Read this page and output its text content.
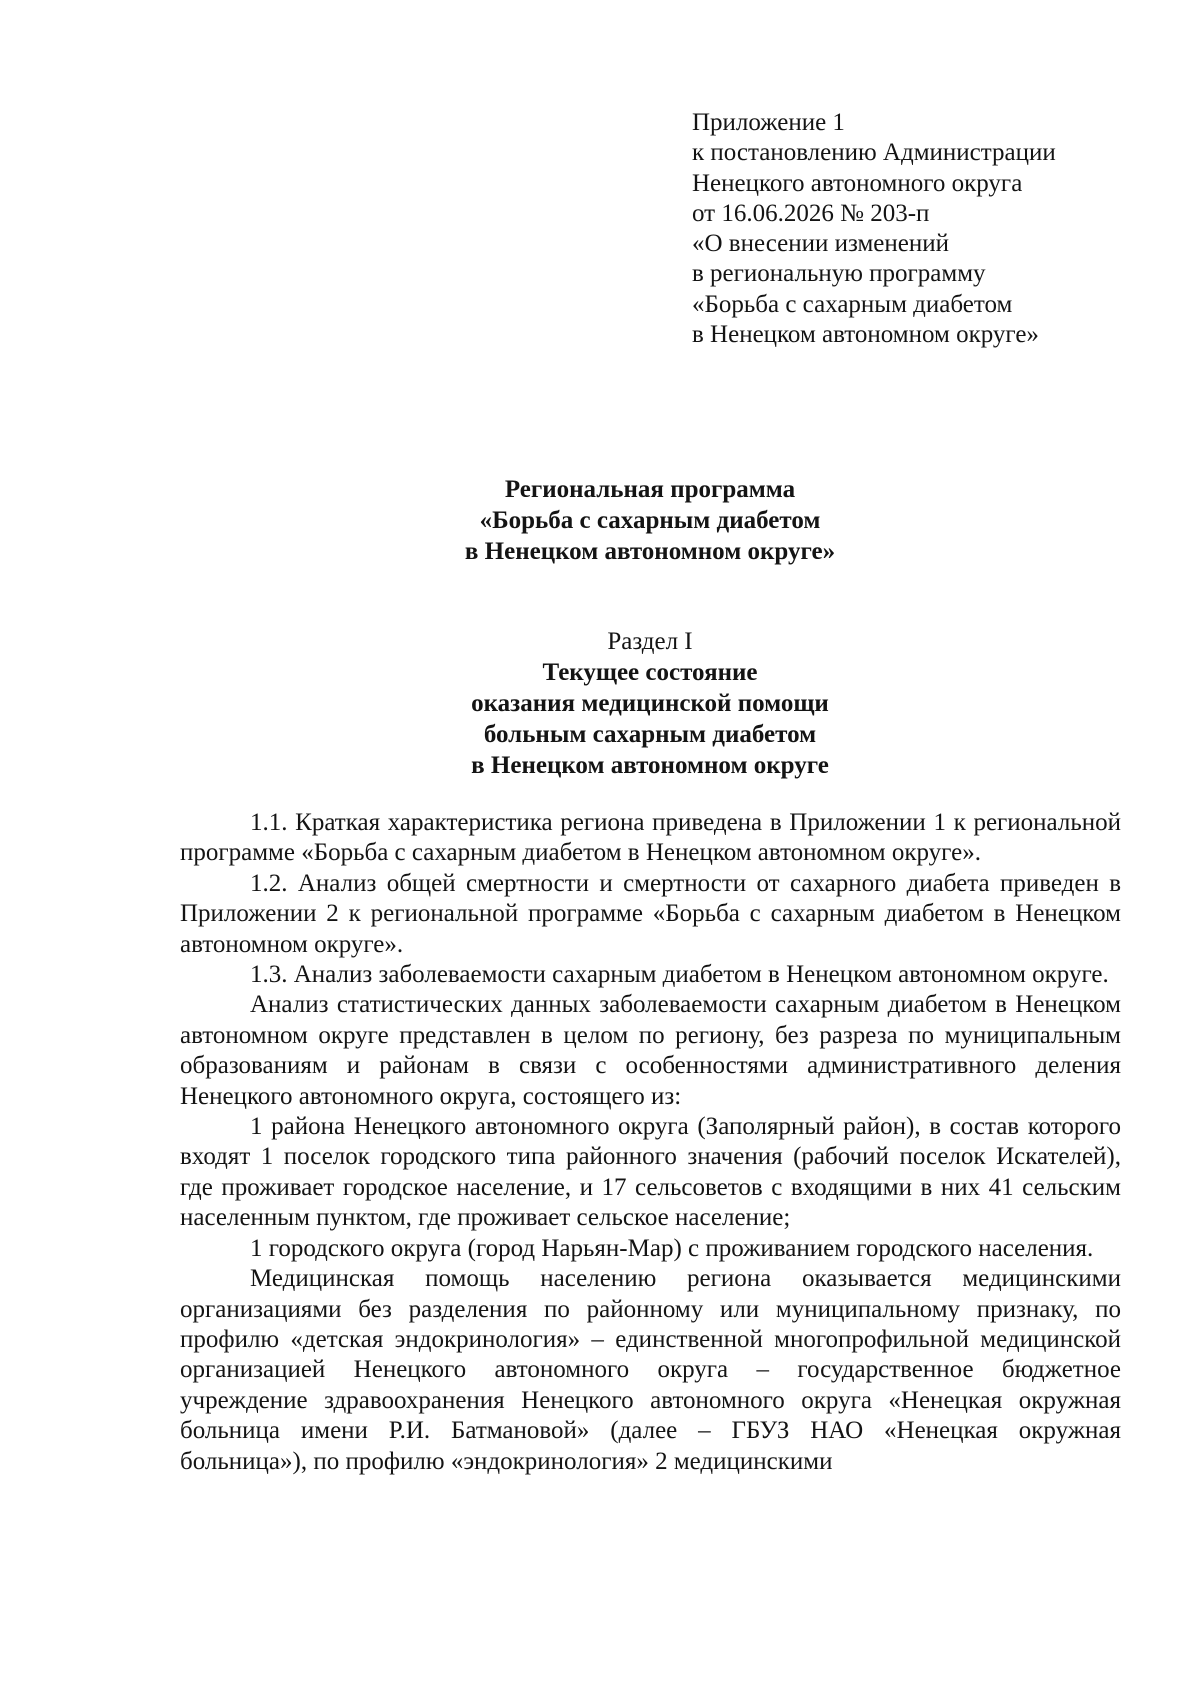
Приложение 1
к постановлению Администрации
Ненецкого автономного округа
от 16.06.2026 № 203-п
«О внесении изменений
в региональную программу
«Борьба с сахарным диабетом
в Ненецком автономном округе»
Региональная программа
«Борьба с сахарным диабетом
в Ненецком автономном округе»
Раздел I
Текущее состояние
оказания медицинской помощи
больным сахарным диабетом
в Ненецком автономном округе

1.1. Краткая характеристика региона приведена в Приложении 1 к региональной программе «Борьба с сахарным диабетом в Ненецком автономном округе».

1.2. Анализ общей смертности и смертности от сахарного диабета приведен в Приложении 2 к региональной программе «Борьба с сахарным диабетом в Ненецком автономном округе».

1.3. Анализ заболеваемости сахарным диабетом в Ненецком автономном округе.

Анализ статистических данных заболеваемости сахарным диабетом в Ненецком автономном округе представлен в целом по региону, без разреза по муниципальным образованиям и районам в связи с особенностями административного деления Ненецкого автономного округа, состоящего из:

1 района Ненецкого автономного округа (Заполярный район), в состав которого входят 1 поселок городского типа районного значения (рабочий поселок Искателей), где проживает городское население, и 17 сельсоветов с входящими в них 41 сельским населенным пунктом, где проживает сельское население;

1 городского округа (город Нарьян-Мар) с проживанием городского населения.

Медицинская помощь населению региона оказывается медицинскими организациями без разделения по районному или муниципальному признаку, по профилю «детская эндокринология» – единственной многопрофильной медицинской организацией Ненецкого автономного округа – государственное бюджетное учреждение здравоохранения Ненецкого автономного округа «Ненецкая окружная больница имени Р.И. Батмановой» (далее – ГБУЗ НАО «Ненецкая окружная больница»), по профилю «эндокринология» 2 медицинскими
